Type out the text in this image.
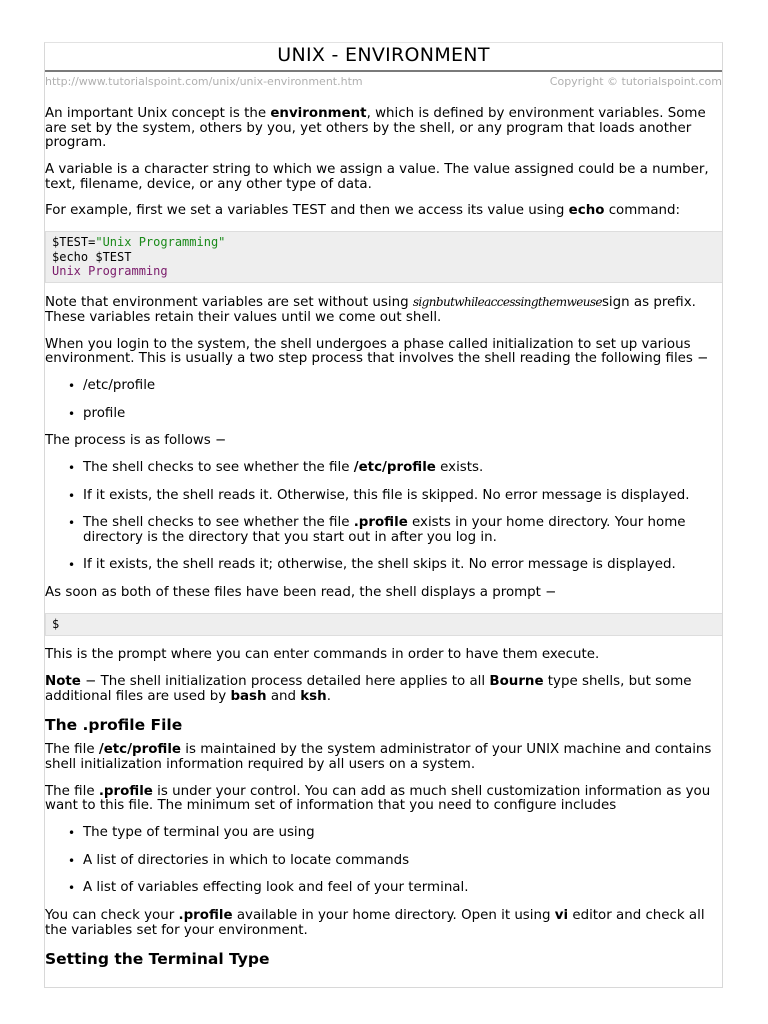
UNIX - ENVIRONMENT
http://www.tutorialspoint.com/unix/unix-environment.htm	Copyright © tutorialspoint.com

An important Unix concept is the environment, which is defined by environment variables. Some are set by the system, others by you, yet others by the shell, or any program that loads another program.

A variable is a character string to which we assign a value. The value assigned could be a number, text, filename, device, or any other type of data.

For example, first we set a variables TEST and then we access its value using echo command:

$TEST="Unix Programming"
$echo $TEST
Unix Programming

Note that environment variables are set without using signbutwhileaccessingthemweusesign as prefix. These variables retain their values until we come out shell.

When you login to the system, the shell undergoes a phase called initialization to set up various environment. This is usually a two step process that involves the shell reading the following files −

• /etc/profile
• profile

The process is as follows −

• The shell checks to see whether the file /etc/profile exists.
• If it exists, the shell reads it. Otherwise, this file is skipped. No error message is displayed.
• The shell checks to see whether the file .profile exists in your home directory. Your home directory is the directory that you start out in after you log in.
• If it exists, the shell reads it; otherwise, the shell skips it. No error message is displayed.

As soon as both of these files have been read, the shell displays a prompt −

$

This is the prompt where you can enter commands in order to have them execute.

Note − The shell initialization process detailed here applies to all Bourne type shells, but some additional files are used by bash and ksh.

The .profile File

The file /etc/profile is maintained by the system administrator of your UNIX machine and contains shell initialization information required by all users on a system.

The file .profile is under your control. You can add as much shell customization information as you want to this file. The minimum set of information that you need to configure includes

• The type of terminal you are using
• A list of directories in which to locate commands
• A list of variables effecting look and feel of your terminal.

You can check your .profile available in your home directory. Open it using vi editor and check all the variables set for your environment.

Setting the Terminal Type
